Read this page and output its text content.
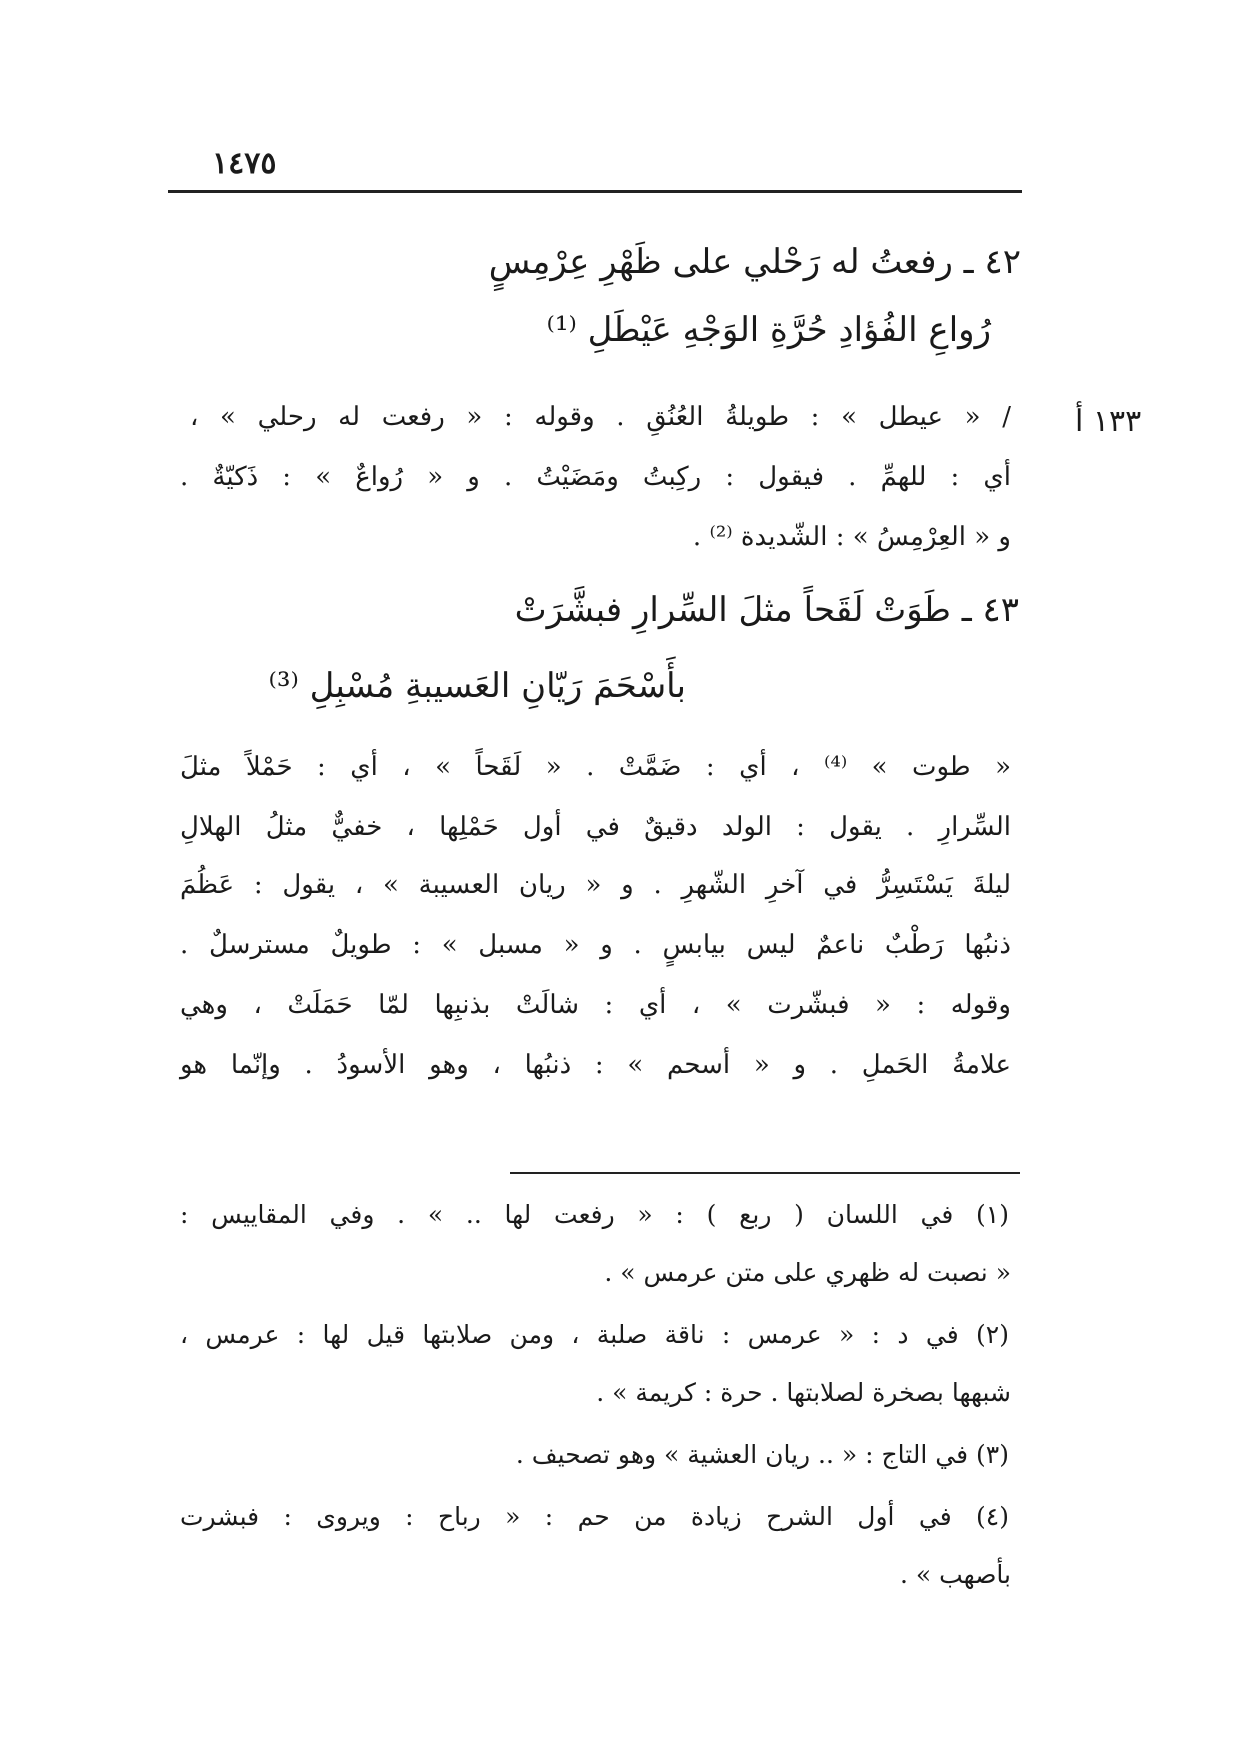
١٤٧٥
٤٢ ـ رفعتُ له رَحْلي على ظَهْرِ عِرْمِسٍ
رُواعِ الفُؤادِ حُرَّةِ الوَجْهِ عَيْطَلِ ⁽¹⁾
١٣٣ أ
/ « عيطل » : طويلةُ العُنُقِ . وقوله : « رفعت له رحلي » ،
أي : للهمِّ . فيقول : ركِبتُ ومَضَيْتُ . و « رُواعٌ » : ذَكيّةٌ .
و « العِرْمِسُ » : الشّديدة ⁽²⁾ .
٤٣ ـ طَوَتْ لَقَحاً مثلَ السِّرارِ فبشَّرَتْ
بأَسْحَمَ رَيّانِ العَسيبةِ مُسْبِلِ ⁽³⁾
« طوت » ⁽⁴⁾ ، أي : ضَمَّتْ . « لَقَحاً » ، أي : حَمْلاً مثلَ
السِّرارِ . يقول : الولد دقيقٌ في أول حَمْلِها ، خفيٌّ مثلُ الهلالِ
ليلةَ يَسْتَسِرُّ في آخرِ الشّهرِ . و « ريان العسيبة » ، يقول : عَظُمَ
ذنبُها رَطْبٌ ناعمٌ ليس بيابسٍ . و « مسبل » : طويلٌ مسترسلٌ .
وقوله : « فبشّرت » ، أي : شالَتْ بذنبِها لمّا حَمَلَتْ ، وهي
علامةُ الحَملِ . و « أسحم » : ذنبُها ، وهو الأسودُ . وإنّما هو
(١) في اللسان ( ربع ) : « رفعت لها .. » . وفي المقاييس :
« نصبت له ظهري على متن عرمس » .
(٢) في د : « عرمس : ناقة صلبة ، ومن صلابتها قيل لها : عرمس ،
شبهها بصخرة لصلابتها . حرة : كريمة » .
(٣) في التاج : « .. ريان العشية » وهو تصحيف .
(٤) في أول الشرح زيادة من حم : « رباح : ويروى : فبشرت
بأصهب » .
